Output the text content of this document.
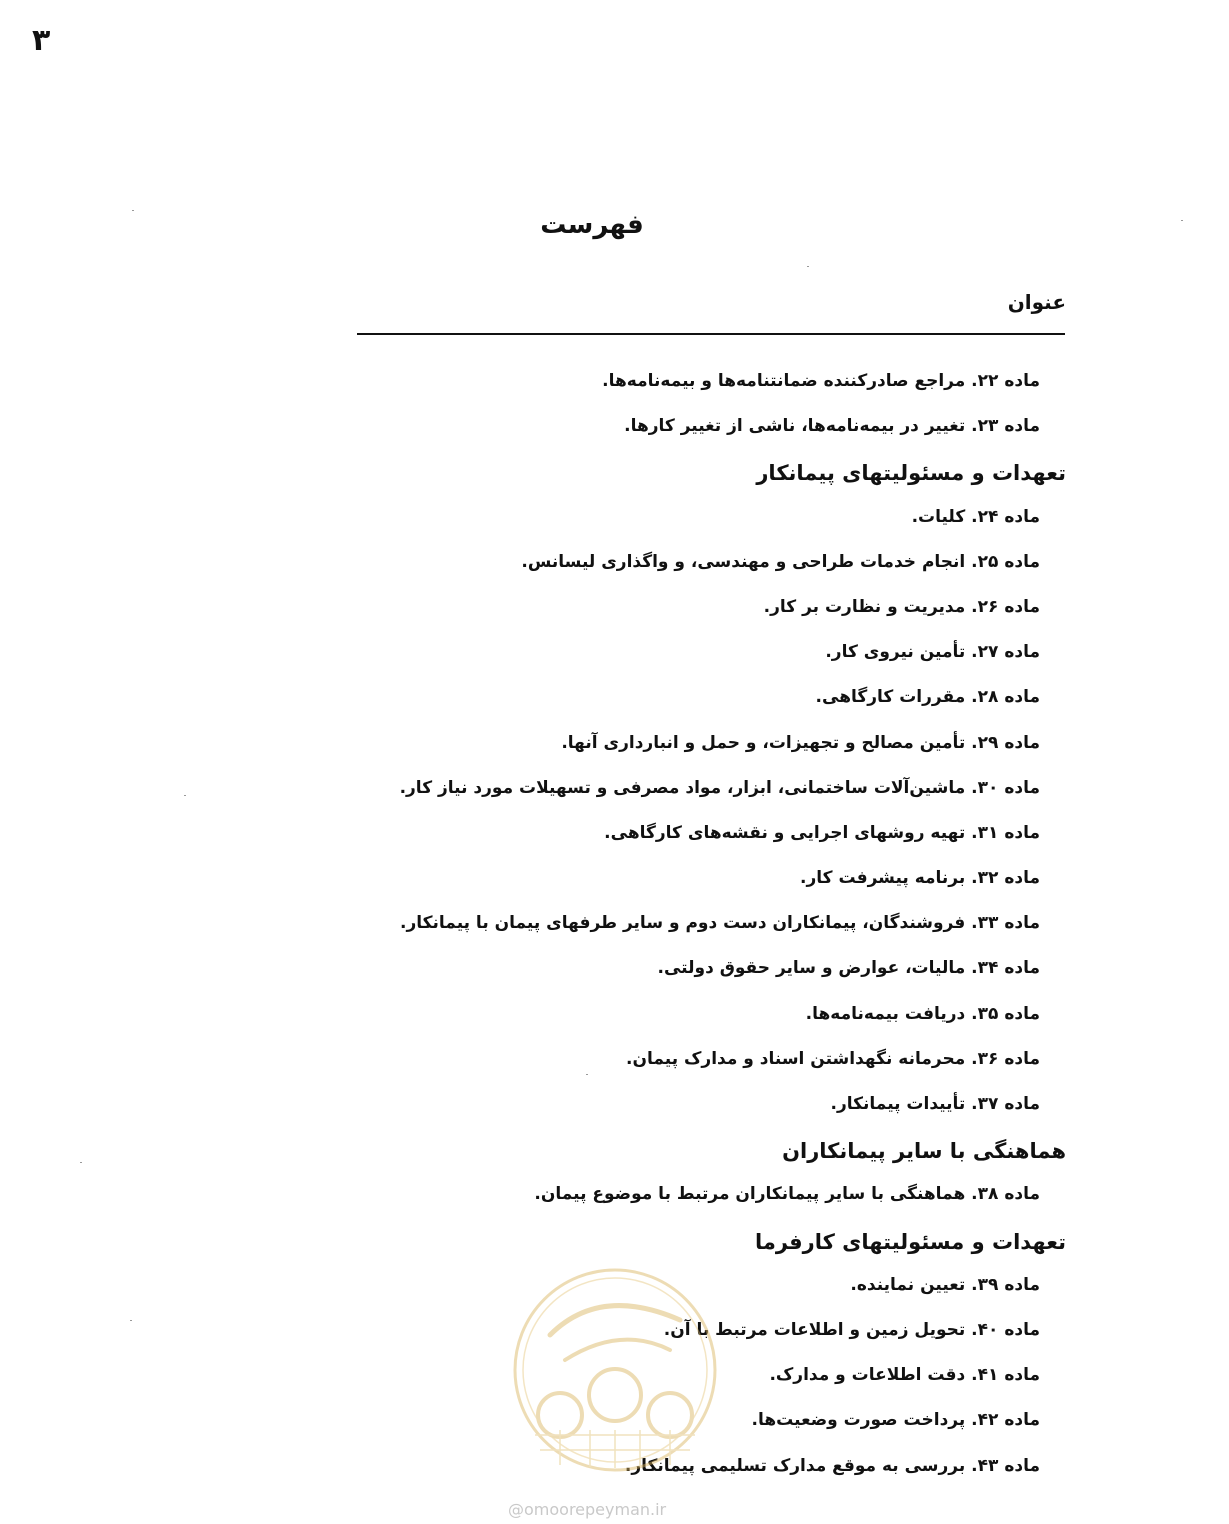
۳
فهرست
عنوان
ماده ۲۲. مراجع صادرکننده ضمانتنامه‌ها و بیمه‌نامه‌ها.
ماده ۲۳. تغییر در بیمه‌نامه‌ها، ناشی از تغییر کارها.
تعهدات و مسئولیتهای پیمانکار
ماده ۲۴. کلیات.
ماده ۲۵. انجام خدمات طراحی و مهندسی، و واگذاری لیسانس.
ماده ۲۶. مدیریت و نظارت بر کار.
ماده ۲۷. تأمین نیروی کار.
ماده ۲۸. مقررات کارگاهی.
ماده ۲۹. تأمین مصالح و تجهیزات، و حمل و انبارداری آنها.
ماده ۳۰. ماشین‌آلات ساختمانی، ابزار، مواد مصرفی و تسهیلات مورد نیاز کار.
ماده ۳۱. تهیه روشهای اجرایی و نقشه‌های کارگاهی.
ماده ۳۲. برنامه پیشرفت کار.
ماده ۳۳. فروشندگان، پیمانکاران دست دوم و سایر طرفهای پیمان با پیمانکار.
ماده ۳۴. مالیات، عوارض و سایر حقوق دولتی.
ماده ۳۵. دریافت بیمه‌نامه‌ها.
ماده ۳۶. محرمانه نگهداشتن اسناد و مدارک پیمان.
ماده ۳۷. تأییدات پیمانکار.
هماهنگی با سایر پیمانکاران
ماده ۳۸. هماهنگی با سایر پیمانکاران مرتبط با موضوع پیمان.
تعهدات و مسئولیتهای کارفرما
ماده ۳۹. تعیین نماینده.
ماده ۴۰. تحویل زمین و اطلاعات مرتبط با آن.
ماده ۴۱. دقت اطلاعات و مدارک.
ماده ۴۲. پرداخت صورت وضعیت‌ها.
ماده ۴۳. بررسی به موقع مدارک تسلیمی پیمانکار.
@omoorepeyman.ir
